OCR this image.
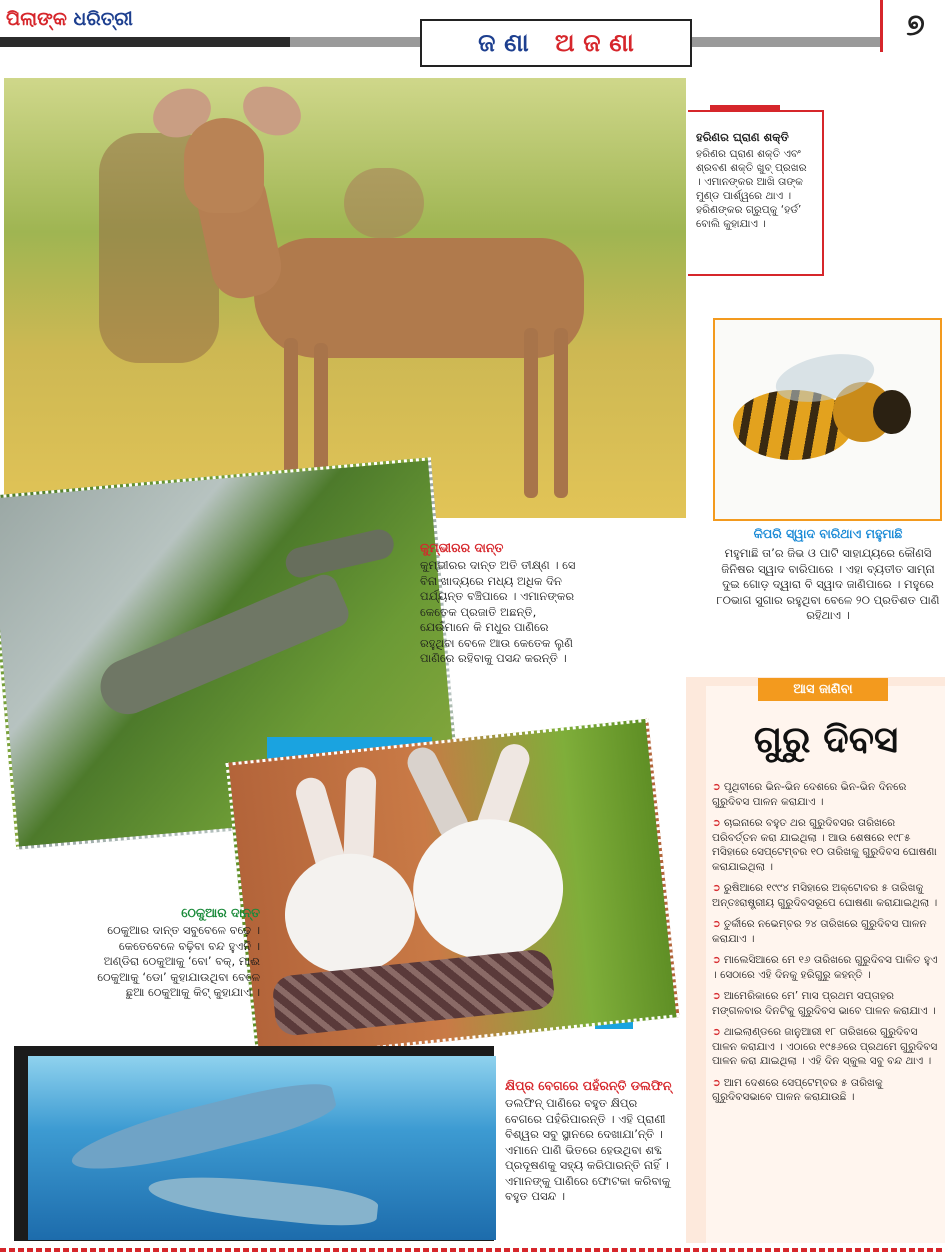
ପିଲାଙ୍କ ଧରିତ୍ରୀ
ଜ ଣା ଅ ଜ ଣା	୭
ହରିଣର ଘ୍ରାଣ ଶକ୍ତି
ହରିଣର ଘ୍ରାଣ ଶକ୍ତି ଏବଂ ଶ୍ରବଣ ଶକ୍ତି ଖୁବ୍ ପ୍ରଖର । ଏମାନଙ୍କର ଆଖି ତାଙ୍କ ମୁଣ୍ଡ ପାର୍ଶ୍ୱରେ ଥାଏ । ହରିଣଙ୍କର ଗ୍ରୁପ୍‌କୁ ‘ହର୍ଡ’ ବୋଲି କୁହାଯାଏ ।
କିପରି ସ୍ୱାଦ ବାରିଥାଏ ମହୁମାଛି
ମହୁମାଛି ତା’ର ଜିଭ ଓ ପାଟି ସାହାଯ୍ୟରେ କୌଣସି ଜିନିଷର ସ୍ୱାଦ ବାରିପାରେ । ଏହା ବ୍ୟତୀତ ସାମ୍ନା ଦୁଇ ଗୋଡ଼ ଦ୍ୱାରା ବି ସ୍ୱାଦ ଜାଣିପାରେ । ମହୁରେ ୮୦ଭାଗ ସୁଗାର ରହୁଥିବା ବେଳେ ୨୦ ପ୍ରତିଶତ ପାଣି ରହିଥାଏ ।
କୁମ୍ଭୀରର ଦାନ୍ତ
କୁମ୍ଭୀରର ଦାନ୍ତ ଅତି ତୀକ୍ଷ୍ଣ । ସେ ବିନା ଖାଦ୍ୟରେ ମଧ୍ୟ ଅଧିକ ଦିନ ପର୍ଯ୍ୟନ୍ତ ବଞ୍ଚିପାରେ । ଏମାନଙ୍କର କେତେକ ପ୍ରଜାତି ଅଛନ୍ତି, ଯେଉଁମାନେ କି ମଧୁର ପାଣିରେ ରହୁଥିବା ବେଳେ ଆଉ କେତେକ ଲୁଣି ପାଣିରେ ରହିବାକୁ ପସନ୍ଦ କରନ୍ତି ।
ଠେକୁଆର ଦାନ୍ତ
ଠେକୁଆର ଦାନ୍ତ ସବୁବେଳେ ବଢ଼େ । କେତେବେଳେ ବଢ଼ିବା ବନ୍ଦ ହୁଏନି । ଅଣ୍ଡିରା ଠେକୁଆକୁ ‘ବୋ’ ବକ୍, ମାଈ ଠେକୁଆକୁ ‘ଡୋ’ କୁହାଯାଉଥିବା ବେଳେ ଛୁଆ ଠେକୁଆକୁ କିଟ୍ କୁହାଯାଏ ।
କ୍ଷିପ୍ର ବେଗରେ ପହଁରନ୍ତି ଡଲଫିନ୍
ଡଲଫିନ୍ ପାଣିରେ ବହୁତ କ୍ଷିପ୍ର ବେଗରେ ପହଁରିପାରନ୍ତି । ଏହି ପ୍ରାଣୀ ବିଶ୍ୱର ସବୁ ସ୍ଥାନରେ ଦେଖାଯା’ନ୍ତି । ଏମାନେ ପାଣି ଭିତରେ ହେଉଥିବା ଶବ୍ଦ ପ୍ରଦୂଷଣକୁ ସହ୍ୟ କରିପାରନ୍ତି ନାହିଁ । ଏମାନଙ୍କୁ ପାଣିରେ ଫୋଟକା କରିବାକୁ ବହୁତ ପସନ୍ଦ ।
ଆସ ଜାଣିବା
ଗୁରୁ ଦିବସ
➲ ପୃଥିବୀରେ ଭିନ-ଭିନ ଦେଶରେ ଭିନ-ଭିନ ଦିନରେ ଗୁରୁଦିବସ ପାଳନ କରାଯାଏ ।
➲ ଚାଇନାରେ ବହୁତ ଥର ଗୁରୁଦିବସର ତାରିଖରେ ପରିବର୍ତ୍ତନ କରା ଯାଇଥିଲା । ଆଉ ଶେଷରେ ୧୯୮୫ ମସିହାରେ ସେପ୍ଟେମ୍ବର ୧୦ ତାରିଖକୁ ଗୁରୁଦିବସ ଘୋଷଣା କରାଯାଇଥିଲା ।
➲ ରୁଷିଆରେ ୧୯୯୪ ମସିହାରେ ଅକ୍ଟୋବର ୫ ତାରିଖକୁ ଅନ୍ତଃରାଷ୍ଟ୍ରୀୟ ଗୁରୁଦିବସରୂପେ ଘୋଷଣା କରାଯାଇଥିଲା ।
➲ ତୁର୍କୀରେ ନଭେମ୍ବର ୨୪ ତାରିଖରେ ଗୁରୁଦିବସ ପାଳନ କରାଯାଏ ।
➲ ମାଲେସିଆରେ ମେ ୧୬ ତାରିଖରେ ଗୁରୁଦିବସ ପାଳିତ ହୁଏ । ସେଠାରେ ଏହି ଦିନକୁ ହରିଗୁରୁ କହନ୍ତି ।
➲ ଆମେରିକାରେ ମେ’ ମାସ ପ୍ରଥମ ସପ୍ତାହର ମଙ୍ଗଳବାର ଦିନଟିକୁ ଗୁରୁଦିବସ ଭାବେ ପାଳନ କରାଯାଏ ।
➲ ଥାଇଲାଣ୍ଡରେ ଜାନୁଆରୀ ୧୮ ତାରିଖରେ ଗୁରୁଦିବସ ପାଳନ କରାଯାଏ । ଏଠାରେ ୧୯୫୬ରେ ପ୍ରଥମେ ଗୁରୁଦିବସ ପାଳନ କରା ଯାଇଥିଲା । ଏହି ଦିନ ସ୍କୁଲ ସବୁ ବନ୍ଦ ଥାଏ ।
➲ ଆମ ଦେଶରେ ସେପ୍ଟେମ୍ବର ୫ ତାରିଖକୁ ଗୁରୁଦିବସଭାବେ ପାଳନ କରାଯାଉଛି ।
